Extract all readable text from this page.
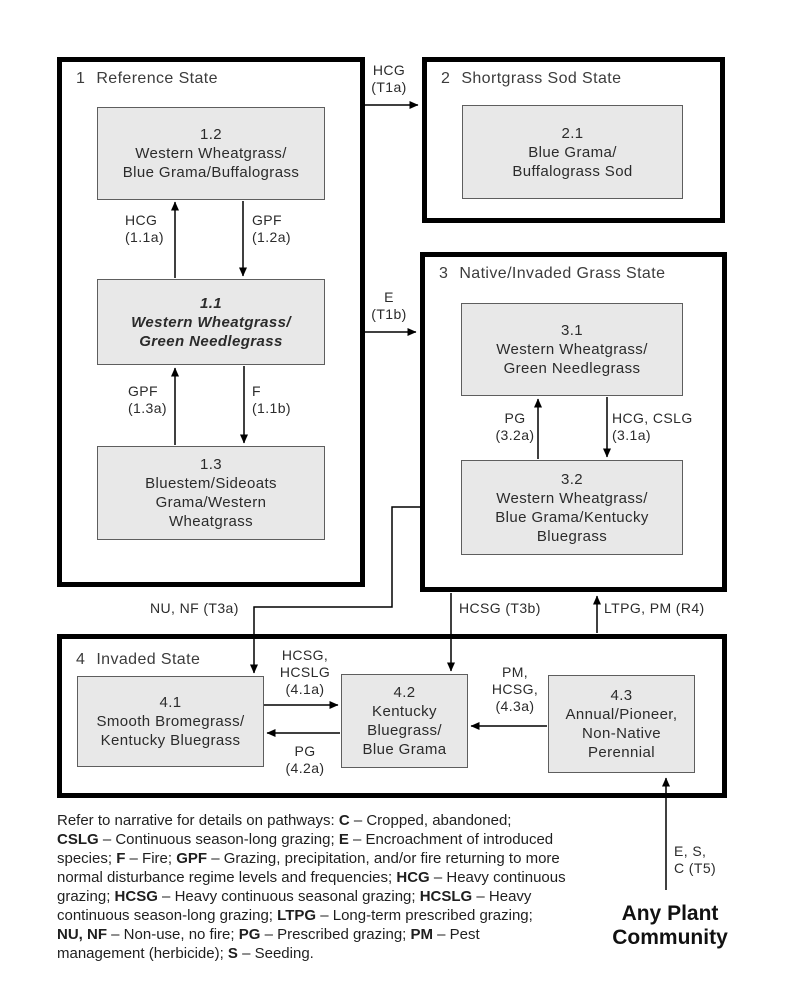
1 Reference State	2 Shortgrass Sod State
3 Native/Invaded Grass State
4 Invaded State
1.2
Western Wheatgrass/
Blue Grama/Buffalograss
1.1
Western Wheatgrass/
Green Needlegrass
1.3
Bluestem/Sideoats
Grama/Western
Wheatgrass
2.1
Blue Grama/
Buffalograss Sod
3.1
Western Wheatgrass/
Green Needlegrass
3.2
Western Wheatgrass/
Blue Grama/Kentucky
Bluegrass
4.1
Smooth Bromegrass/
Kentucky Bluegrass
4.2
Kentucky
Bluegrass/
Blue Grama
4.3
Annual/Pioneer,
Non-Native
Perennial
HCG
(T1a)
HCG
(1.1a)
GPF
(1.2a)
GPF
(1.3a)
F
(1.1b)
E
(T1b)
PG
(3.2a)
HCG, CSLG
(3.1a)
NU, NF (T3a)	HCSG (T3b)	LTPG, PM (R4)
HCSG,
HCSLG
(4.1a)
PG
(4.2a)
PM,
HCSG,
(4.3a)
E, S,
C (T5)
Any Plant
Community
Refer to narrative for details on pathways: C – Cropped, abandoned;
CSLG – Continuous season-long grazing; E – Encroachment of introduced
species; F – Fire; GPF – Grazing, precipitation, and/or fire returning to more
normal disturbance regime levels and frequencies; HCG – Heavy continuous
grazing; HCSG – Heavy continuous seasonal grazing; HCSLG – Heavy
continuous season-long grazing; LTPG – Long-term prescribed grazing;
NU, NF – Non-use, no fire; PG – Prescribed grazing; PM – Pest
management (herbicide); S – Seeding.
